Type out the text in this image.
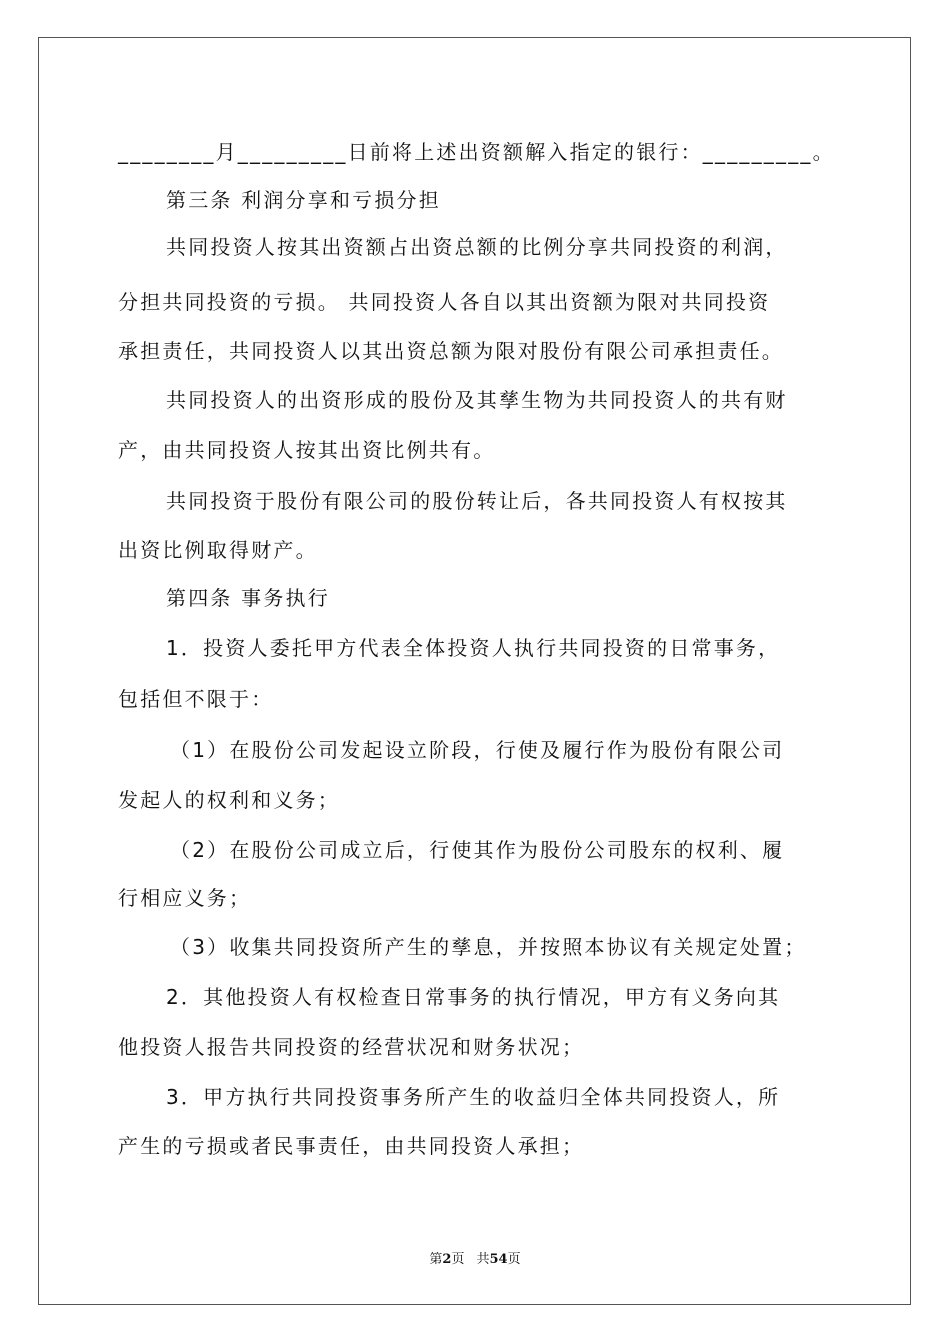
________月_________日前将上述出资额解入指定的银行：_________。
第三条 利润分享和亏损分担
共同投资人按其出资额占出资总额的比例分享共同投资的利润，
分担共同投资的亏损。 共同投资人各自以其出资额为限对共同投资
承担责任，共同投资人以其出资总额为限对股份有限公司承担责任。
共同投资人的出资形成的股份及其孳生物为共同投资人的共有财
产，由共同投资人按其出资比例共有。
共同投资于股份有限公司的股份转让后，各共同投资人有权按其
出资比例取得财产。
第四条 事务执行
1．投资人委托甲方代表全体投资人执行共同投资的日常事务，
包括但不限于：
（1）在股份公司发起设立阶段，行使及履行作为股份有限公司
发起人的权利和义务；
（2）在股份公司成立后，行使其作为股份公司股东的权利、履
行相应义务；
（3）收集共同投资所产生的孳息，并按照本协议有关规定处置；
2．其他投资人有权检查日常事务的执行情况，甲方有义务向其
他投资人报告共同投资的经营状况和财务状况；
3．甲方执行共同投资事务所产生的收益归全体共同投资人，所
产生的亏损或者民事责任，由共同投资人承担；
第2页 共54页
